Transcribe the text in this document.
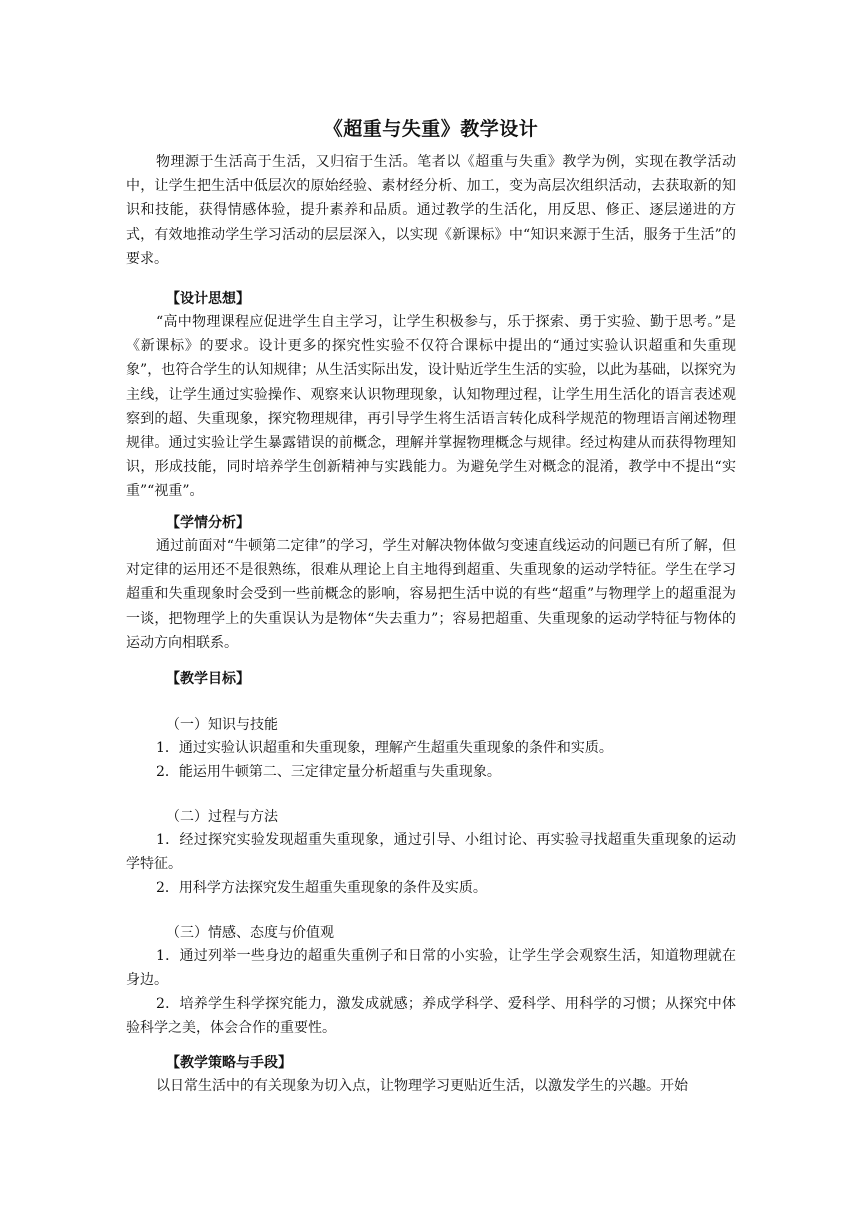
《超重与失重》教学设计

物理源于生活高于生活，又归宿于生活。笔者以《超重与失重》教学为例，实现在教学活动中，让学生把生活中低层次的原始经验、素材经分析、加工，变为高层次组织活动，去获取新的知识和技能，获得情感体验，提升素养和品质。通过教学的生活化，用反思、修正、逐层递进的方式，有效地推动学生学习活动的层层深入，以实现《新课标》中“知识来源于生活，服务于生活”的要求。

【设计思想】

“高中物理课程应促进学生自主学习，让学生积极参与，乐于探索、勇于实验、勤于思考。”是《新课标》的要求。设计更多的探究性实验不仅符合课标中提出的“通过实验认识超重和失重现象”，也符合学生的认知规律；从生活实际出发，设计贴近学生生活的实验，以此为基础，以探究为主线，让学生通过实验操作、观察来认识物理现象，认知物理过程，让学生用生活化的语言表述观察到的超、失重现象，探究物理规律，再引导学生将生活语言转化成科学规范的物理语言阐述物理规律。通过实验让学生暴露错误的前概念，理解并掌握物理概念与规律。经过构建从而获得物理知识，形成技能，同时培养学生创新精神与实践能力。为避免学生对概念的混淆，教学中不提出“实重”“视重”。

【学情分析】

通过前面对“牛顿第二定律”的学习，学生对解决物体做匀变速直线运动的问题已有所了解，但对定律的运用还不是很熟练，很难从理论上自主地得到超重、失重现象的运动学特征。学生在学习超重和失重现象时会受到一些前概念的影响，容易把生活中说的有些“超重”与物理学上的超重混为一谈，把物理学上的失重误认为是物体“失去重力”；容易把超重、失重现象的运动学特征与物体的运动方向相联系。

【教学目标】

（一）知识与技能

1．通过实验认识超重和失重现象，理解产生超重失重现象的条件和实质。

2．能运用牛顿第二、三定律定量分析超重与失重现象。

（二）过程与方法

1．经过探究实验发现超重失重现象，通过引导、小组讨论、再实验寻找超重失重现象的运动学特征。

2．用科学方法探究发生超重失重现象的条件及实质。

（三）情感、态度与价值观

1．通过列举一些身边的超重失重例子和日常的小实验，让学生学会观察生活，知道物理就在身边。

2．培养学生科学探究能力，激发成就感；养成学科学、爱科学、用科学的习惯；从探究中体验科学之美，体会合作的重要性。

【教学策略与手段】

以日常生活中的有关现象为切入点，让物理学习更贴近生活，以激发学生的兴趣。开始
